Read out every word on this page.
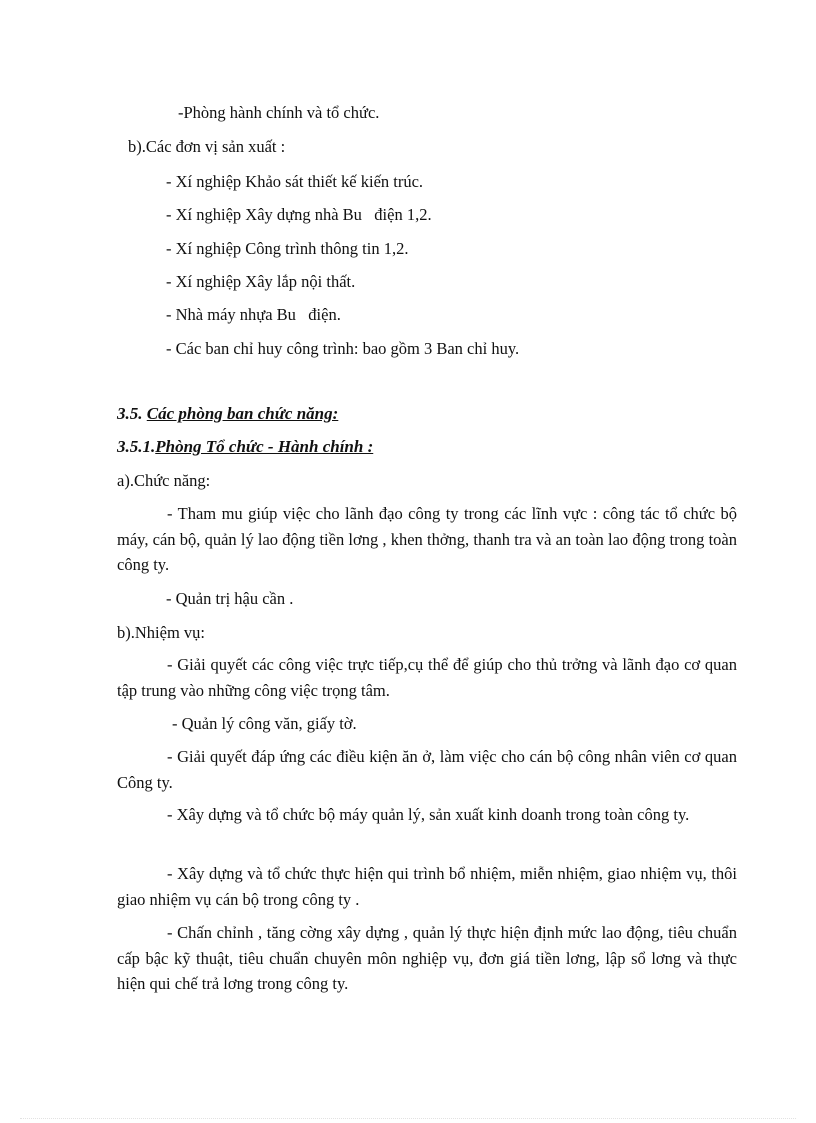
-Phòng hành chính và tổ chức.
b).Các đơn vị sản xuất :
- Xí nghiệp Khảo sát thiết kế kiến trúc.
- Xí nghiệp Xây dựng nhà Bu   điện 1,2.
- Xí nghiệp Công trình thông tin 1,2.
- Xí nghiệp Xây lắp nội thất.
- Nhà máy nhựa Bu   điện.
- Các ban chỉ huy công trình: bao gồm 3 Ban chỉ huy.
3.5. Các phòng ban chức năng:
3.5.1.Phòng Tổ chức - Hành chính :
a).Chức năng:
- Tham mu giúp việc cho lãnh đạo công ty trong các lĩnh vực : công tác tổ chức bộ máy, cán bộ, quản lý lao động tiền lơng , khen thởng, thanh tra và an toàn lao động trong toàn công ty.
- Quản trị hậu cần .
b).Nhiệm vụ:
- Giải quyết các công việc trực tiếp,cụ thể để giúp cho thủ trởng và lãnh đạo cơ quan tập trung vào những công việc trọng tâm.
- Quản lý công văn, giấy tờ.
- Giải quyết đáp ứng các điều kiện ăn ở, làm việc cho cán bộ công nhân viên cơ quan Công ty.
- Xây dựng và tổ chức bộ máy quản lý, sản xuất kinh doanh trong toàn công ty.
- Xây dựng và tổ chức thực hiện qui trình bổ nhiệm, miễn nhiệm, giao nhiệm vụ, thôi giao nhiệm vụ cán bộ trong công ty .
- Chấn chỉnh , tăng cờng xây dựng , quản lý thực hiện định mức lao động, tiêu chuẩn cấp bậc kỹ thuật, tiêu chuẩn chuyên môn nghiệp vụ, đơn giá tiền lơng, lập sổ lơng và thực hiện qui chế trả lơng trong công ty.
